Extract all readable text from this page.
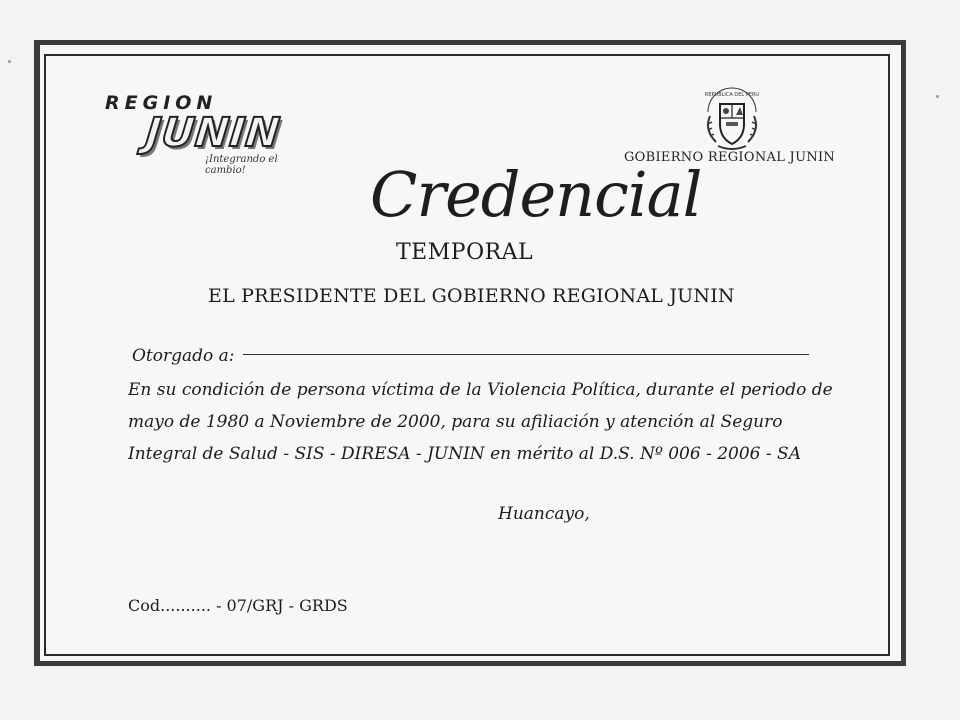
REGION
JUNIN
¡Integrando el cambio!
REPUBLICA DEL PERU
GOBIERNO REGIONAL JUNIN
Credencial
TEMPORAL
EL PRESIDENTE DEL GOBIERNO REGIONAL JUNIN
Otorgado a:
En su condición de persona víctima de la Violencia Política, durante el periodo de
mayo de 1980 a Noviembre de 2000, para su afiliación y atención al Seguro
Integral de Salud - SIS - DIRESA - JUNIN en mérito al D.S. Nº 006 - 2006 - SA
Huancayo,
Cod.......... - 07/GRJ - GRDS
